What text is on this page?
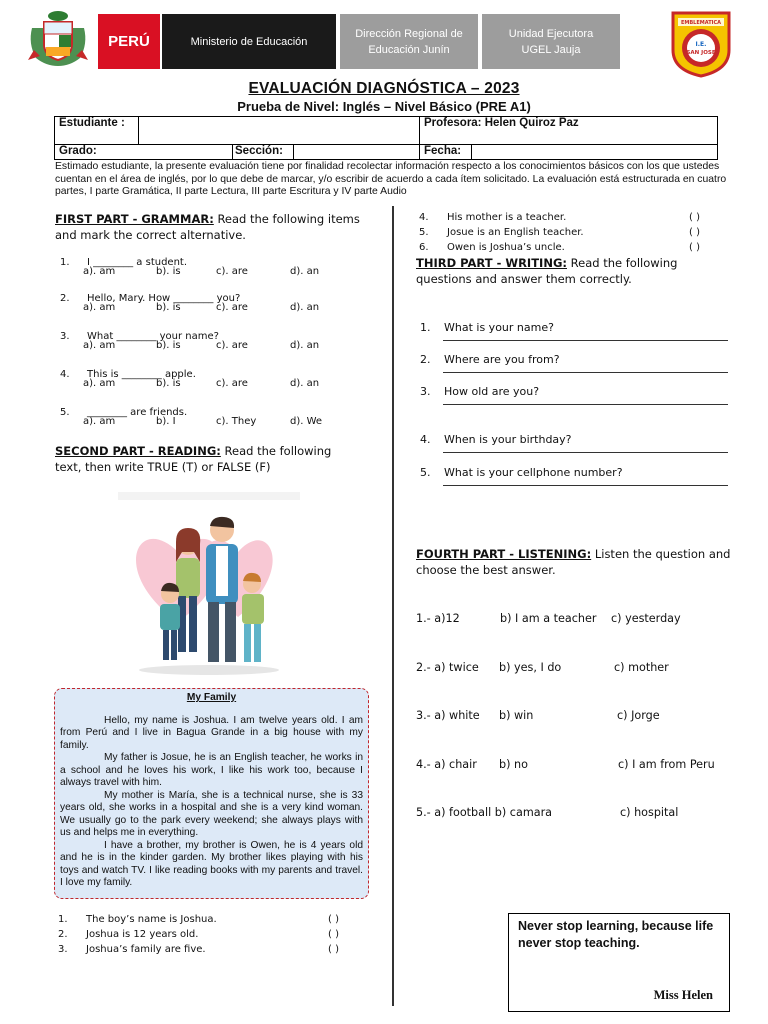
PERÚ	Ministerio de Educación
Dirección Regional de
Educación Junín
Unidad Ejecutora
UGEL Jauja
EMBLEMATICA
I.E.
SAN JOSE
EVALUACIÓN DIAGNÓSTICA – 2023
Prueba de Nivel: Inglés – Nivel Básico (PRE A1)
Estudiante :		Profesora: Helen Quiroz Paz	

Grado: Sección:		Fecha:	
Estimado estudiante, la presente evaluación tiene por finalidad recolectar información respecto a los conocimientos básicos con los que ustedes cuentan en el área de inglés, por lo que debe de marcar, y/o escribir de acuerdo a cada ítem solicitado. La evaluación está estructurada en cuatro partes, I parte Gramática, II parte Lectura, III parte Escritura y IV parte Audio
FIRST PART - GRAMMAR: Read the following items and mark the correct alternative.
1. I ________ a student.
a). am	b). is	c). are	d). an
2. Hello, Mary. How ________ you?
a). am	b). is	c). are	d). an
3. What ________ your name?
a). am	b). is	c). are	d). an
4. This is ________ apple.
a). am	b). is	c). are	d). an
5. ________ are friends.
a). am	b). I	c). They	d). We
SECOND PART - READING: Read the following text, then write TRUE (T) or FALSE (F)
My Family

Hello, my name is Joshua. I am twelve years old. I am from Perú and I live in Bagua Grande in a big house with my family.

My father is Josue, he is an English teacher, he works in a school and he loves his work, I like his work too, because I always travel with him.

My mother is María, she is a technical nurse, she is 33 years old, she works in a hospital and she is a very kind woman. We usually go to the park every weekend; she always plays with us and helps me in everything.

I have a brother, my brother is Owen, he is 4 years old and he is in the kinder garden. My brother likes playing with his toys and watch TV. I like reading books with my parents and travel. I love my family.

1. The boy’s name is Joshua.	( )
2. Joshua is 12 years old.	( )
3. Joshua’s family are five.	( )
4. His mother is a teacher.	( )
5. Josue is an English teacher.	( )
6. Owen is Joshua’s uncle.	( )
THIRD PART - WRITING: Read the following questions and answer them correctly.
1. What is your name?
2. Where are you from?
3. How old are you?
4. When is your birthday?
5. What is your cellphone number?
FOURTH PART - LISTENING: Listen the question and choose the best answer.
1.- a)12	b) I am a teacher c) yesterday
2.- a) twice b) yes, I do	c) mother
3.- a) white b) win	c) Jorge
4.- a) chair b) no	c) I am from Peru
5.- a) football b) camara	c) hospital
Never stop learning, because life never stop teaching.
Miss Helen
